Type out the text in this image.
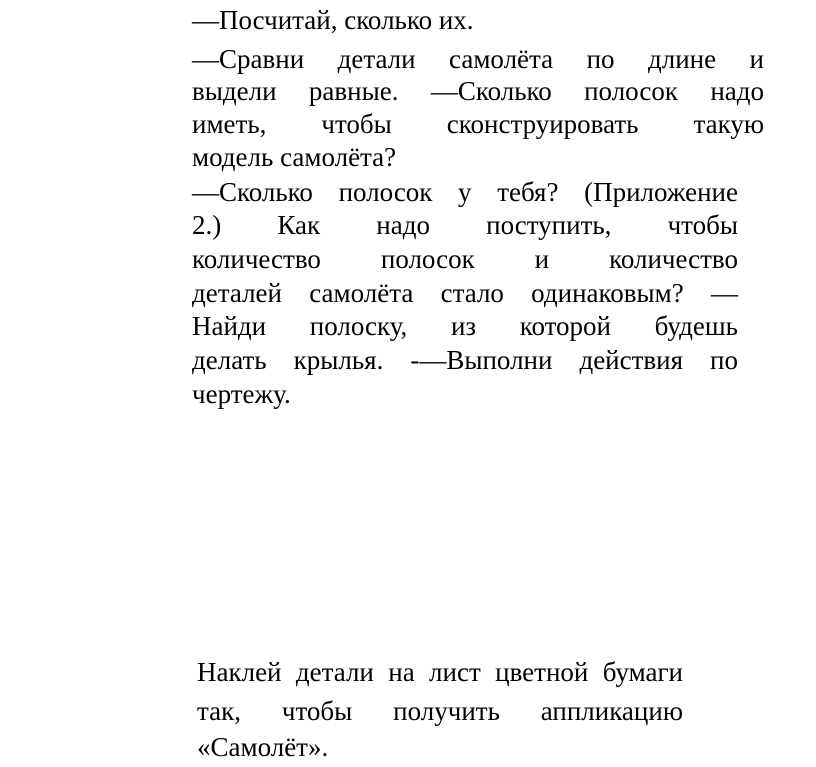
—Посчитай, сколько их.
—Сравни детали самолёта по длине и
выдели равные. —Сколько полосок надо
иметь, чтобы сконструировать такую
модель самолёта?
—Сколько полосок у тебя? (Приложение
2.) Как надо поступить, чтобы
количество полосок и количество
деталей самолёта стало одинаковым? —
Найди полоску, из которой будешь
делать крылья. -—Выполни действия по
чертежу.
Наклей детали на лист цветной бумаги
так, чтобы получить аппликацию
«Самолёт».
